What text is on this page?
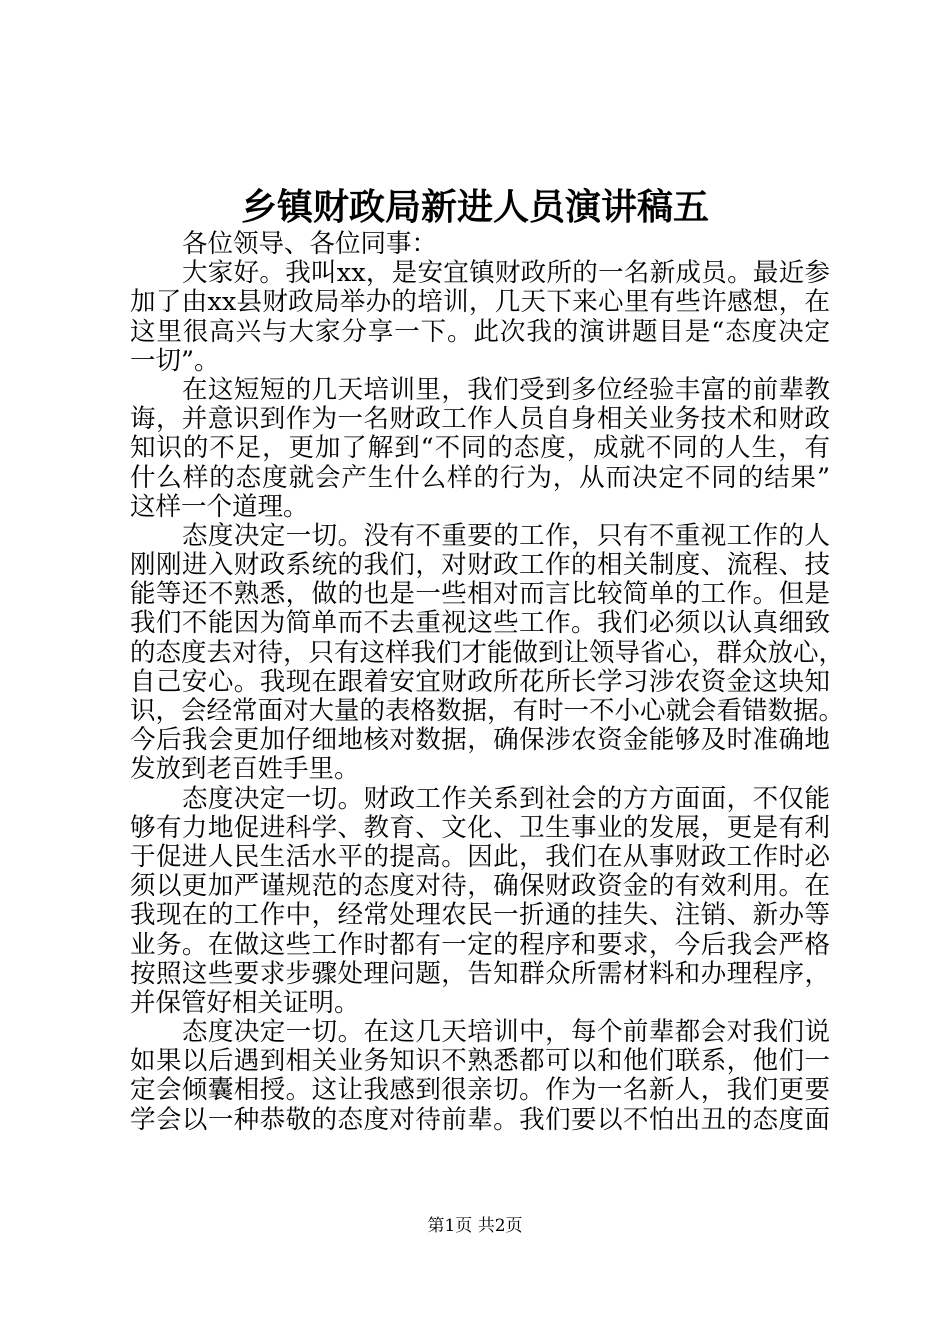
乡镇财政局新进人员演讲稿五
各位领导、各位同事：
大家好。我叫xx，是安宜镇财政所的一名新成员。最近参
加了由xx县财政局举办的培训，几天下来心里有些许感想，在
这里很高兴与大家分享一下。此次我的演讲题目是“态度决定
一切”。
在这短短的几天培训里，我们受到多位经验丰富的前辈教
诲，并意识到作为一名财政工作人员自身相关业务技术和财政
知识的不足，更加了解到“不同的态度，成就不同的人生，有
什么样的态度就会产生什么样的行为，从而决定不同的结果”
这样一个道理。
态度决定一切。没有不重要的工作，只有不重视工作的人
刚刚进入财政系统的我们，对财政工作的相关制度、流程、技
能等还不熟悉，做的也是一些相对而言比较简单的工作。但是
我们不能因为简单而不去重视这些工作。我们必须以认真细致
的态度去对待，只有这样我们才能做到让领导省心，群众放心，
自己安心。我现在跟着安宜财政所花所长学习涉农资金这块知
识，会经常面对大量的表格数据，有时一不小心就会看错数据。
今后我会更加仔细地核对数据，确保涉农资金能够及时准确地
发放到老百姓手里。
态度决定一切。财政工作关系到社会的方方面面，不仅能
够有力地促进科学、教育、文化、卫生事业的发展，更是有利
于促进人民生活水平的提高。因此，我们在从事财政工作时必
须以更加严谨规范的态度对待，确保财政资金的有效利用。在
我现在的工作中，经常处理农民一折通的挂失、注销、新办等
业务。在做这些工作时都有一定的程序和要求，今后我会严格
按照这些要求步骤处理问题，告知群众所需材料和办理程序，
并保管好相关证明。
态度决定一切。在这几天培训中，每个前辈都会对我们说
如果以后遇到相关业务知识不熟悉都可以和他们联系，他们一
定会倾囊相授。这让我感到很亲切。作为一名新人，我们更要
学会以一种恭敬的态度对待前辈。我们要以不怕出丑的态度面
第1页 共2页
